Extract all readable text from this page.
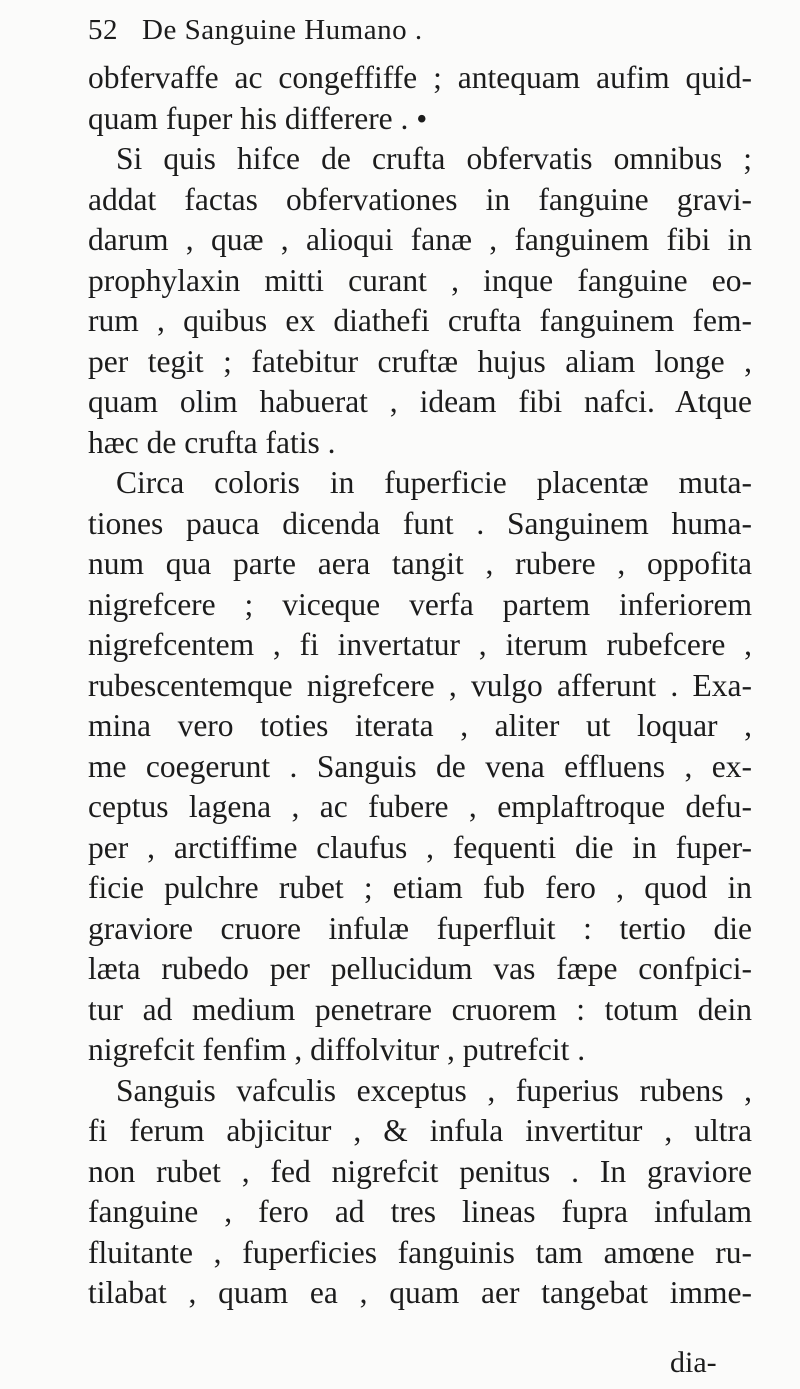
52 De Sanguine Humano .
obfervaffe ac congeffiffe ; antequam aufim quid-
quam fuper his differere . •
Si quis hifce de crufta obfervatis omnibus ;
addat factas obfervationes in fanguine gravi-
darum , quæ , alioqui fanæ , fanguinem fibi in
prophylaxin mitti curant , inque fanguine eo-
rum , quibus ex diathefi crufta fanguinem fem-
per tegit ; fatebitur cruftæ hujus aliam longe ,
quam olim habuerat , ideam fibi nafci. Atque
hæc de crufta fatis .
Circa coloris in fuperficie placentæ muta-
tiones pauca dicenda funt . Sanguinem huma-
num qua parte aera tangit , rubere , oppofita
nigrefcere ; viceque verfa partem inferiorem
nigrefcentem , fi invertatur , iterum rubefcere ,
rubescentemque nigrefcere , vulgo afferunt . Exa-
mina vero toties iterata , aliter ut loquar ,
me coegerunt . Sanguis de vena effluens , ex-
ceptus lagena , ac fubere , emplaftroque defu-
per , arctiffime claufus , fequenti die in fuper-
ficie pulchre rubet ; etiam fub fero , quod in
graviore cruore infulæ fuperfluit : tertio die
læta rubedo per pellucidum vas fæpe confpici-
tur ad medium penetrare cruorem : totum dein
nigrefcit fenfim , diffolvitur , putrefcit .
Sanguis vafculis exceptus , fuperius rubens ,
fi ferum abjicitur , & infula invertitur , ultra
non rubet , fed nigrefcit penitus . In graviore
fanguine , fero ad tres lineas fupra infulam
fluitante , fuperficies fanguinis tam amœne ru-
tilabat , quam ea , quam aer tangebat imme-
dia-
